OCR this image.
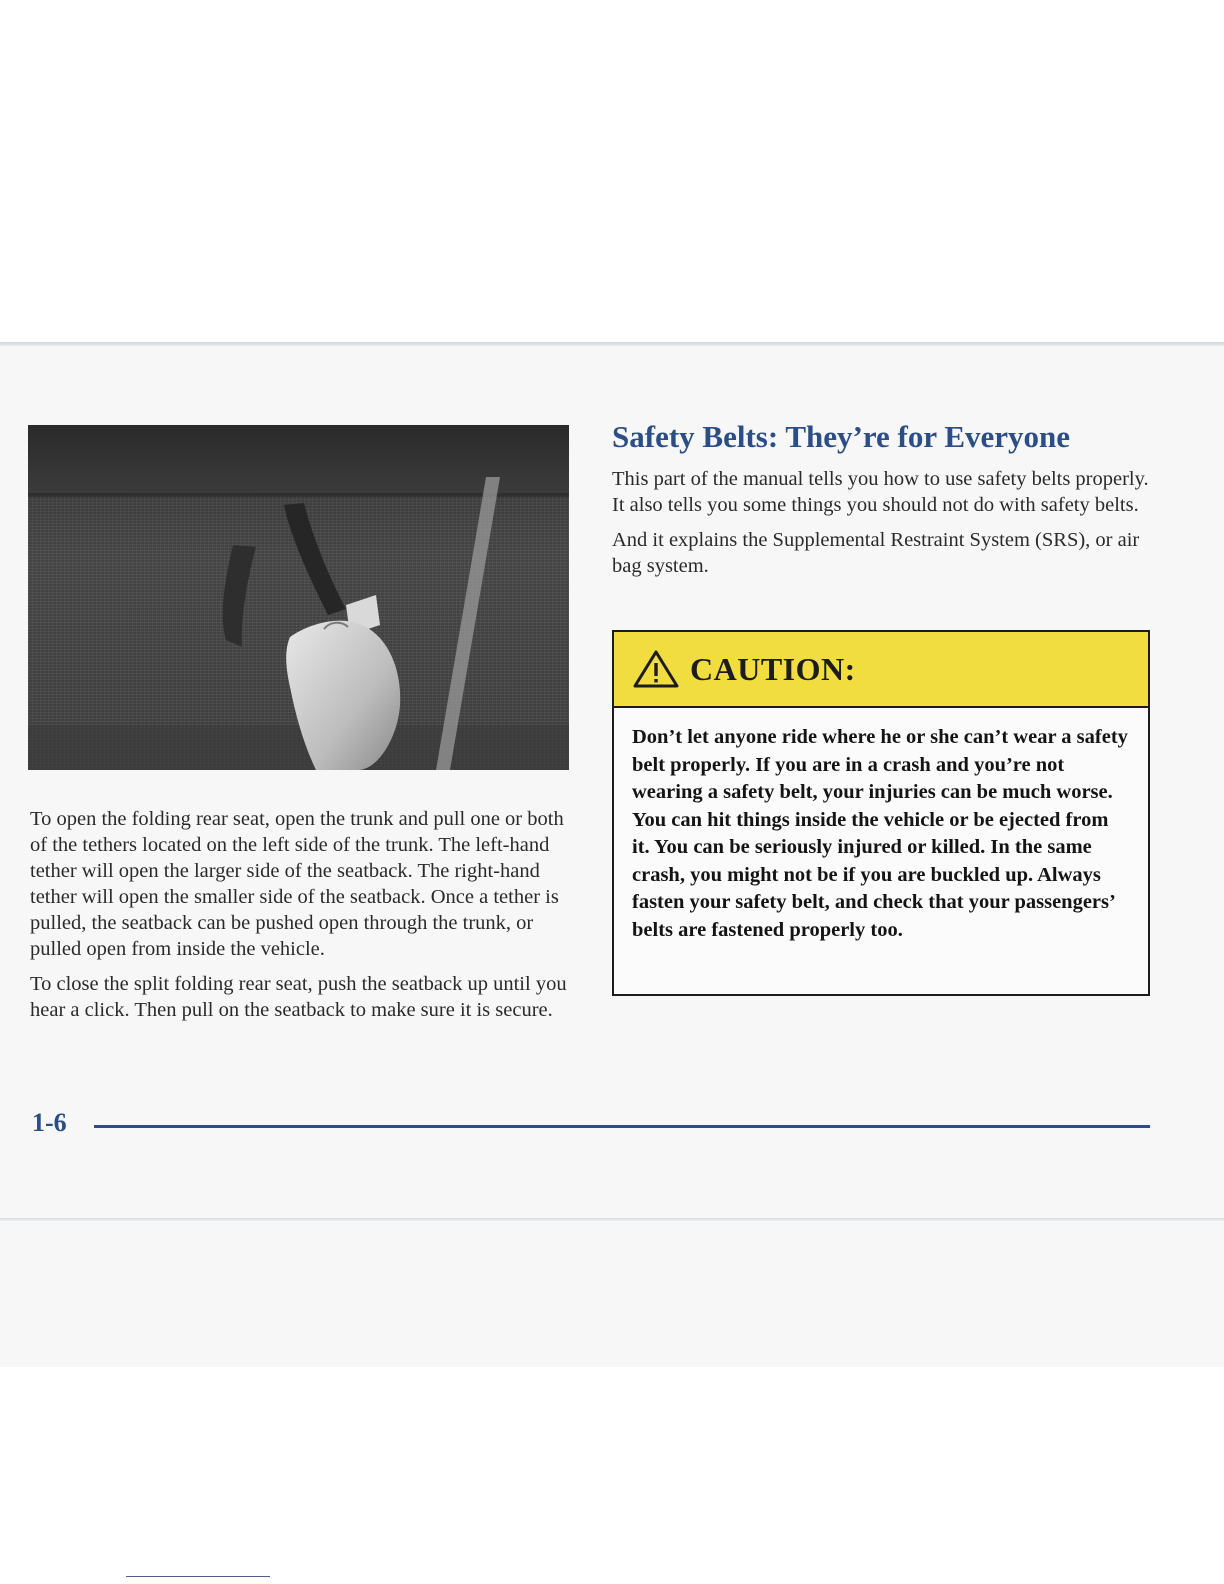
To open the folding rear seat, open the trunk and pull one or both of the tethers located on the left side of the trunk. The left-hand tether will open the larger side of the seatback. The right-hand tether will open the smaller side of the seatback. Once a tether is pulled, the seatback can be pushed open through the trunk, or pulled open from inside the vehicle.

To close the split folding rear seat, push the seatback up until you hear a click. Then pull on the seatback to make sure it is secure.

Safety Belts: They’re for Everyone

This part of the manual tells you how to use safety belts properly. It also tells you some things you should not do with safety belts.

And it explains the Supplemental Restraint System (SRS), or air bag system.

CAUTION:
Don’t let anyone ride where he or she can’t wear a safety belt properly. If you are in a crash and you’re not wearing a safety belt, your injuries can be much worse. You can hit things inside the vehicle or be ejected from it. You can be seriously injured or killed. In the same crash, you might not be if you are buckled up. Always fasten your safety belt, and check that your passengers’ belts are fastened properly too.
1-6
